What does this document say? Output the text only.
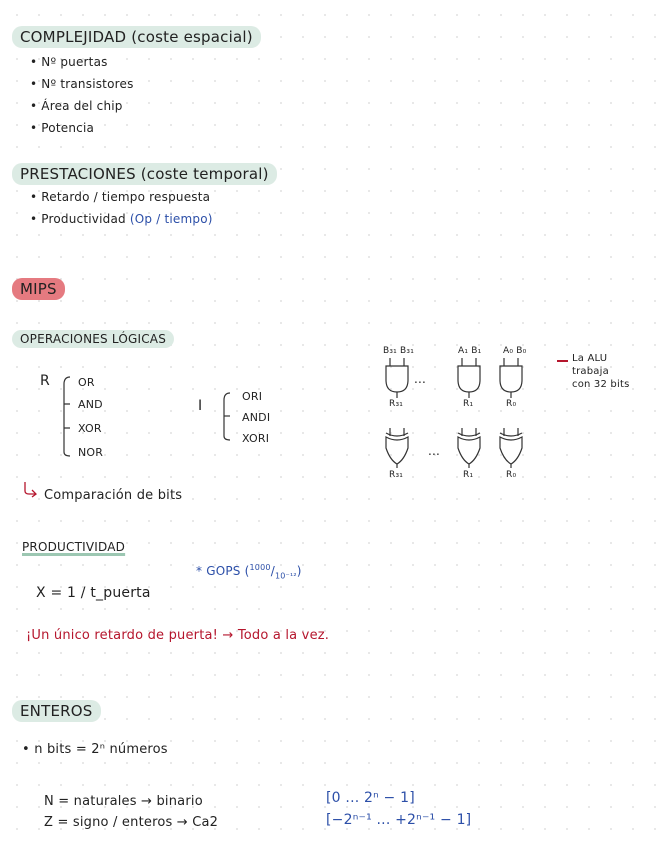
COMPLEJIDAD (coste espacial)
• Nº puertas
• Nº transistores
• Área del chip
• Potencia
PRESTACIONES (coste temporal)
• Retardo / tiempo respuesta
• Productividad (Op / tiempo)
MIPS
OPERACIONES LÓGICAS
R	OR
AND
XOR
NOR
I
ORI
ANDI
XORI
Comparación de bits
B₃₁ B₃₁	A₁ B₁ A₀ B₀
...
R₃₁	R₁	R₀
...
R₃₁	R₁	R₀
La ALU
trabaja
con 32 bits
PRODUCTIVIDAD
* GOPS $(^{1000}/_{10^{-12}})$
X = 1 / t_puerta
¡Un único retardo de puerta! → Todo a la vez.
ENTEROS
• n bits = 2ⁿ números
N = naturales → binario	[0 ... 2ⁿ − 1]
Z = signo / enteros → Ca2	[−2ⁿ⁻¹ ... +2ⁿ⁻¹ − 1]
